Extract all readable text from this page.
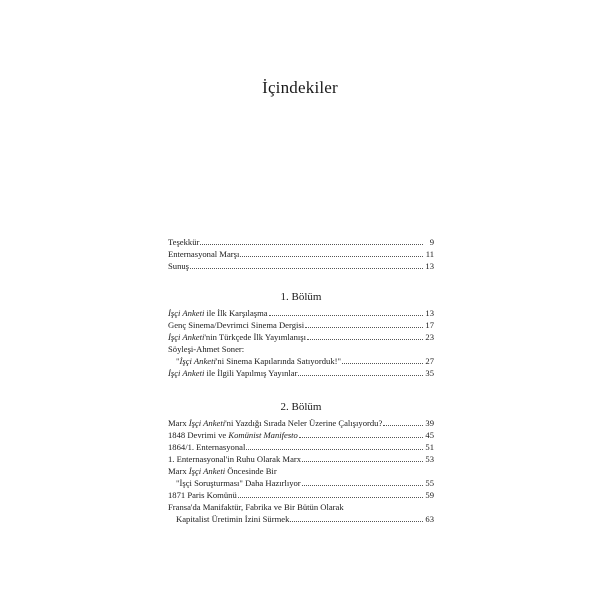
İçindekiler
Teşekkür	9
Enternasyonal Marşı	11
Sunuş	13
1. Bölüm
İşçi Anketi ile İlk Karşılaşma	13
Genç Sinema/Devrimci Sinema Dergisi	17
İşçi Anketi'nin Türkçede İlk Yayımlanışı	23
Söyleşi-Ahmet Soner:
"İşçi Anketi'ni Sinema Kapılarında Satıyorduk!"	27
İşçi Anketi ile İlgili Yapılmış Yayınlar	35
2. Bölüm
Marx İşçi Anketi'ni Yazdığı Sırada Neler Üzerine Çalışıyordu?	39
1848 Devrimi ve Komünist Manifesto	45
1864/1. Enternasyonal	51
1. Enternasyonal'in Ruhu Olarak Marx	53
Marx İşçi Anketi Öncesinde Bir
"İşçi Soruşturması" Daha Hazırlıyor	55
1871 Paris Komünü	59
Fransa'da Manifaktür, Fabrika ve Bir Bütün Olarak
Kapitalist Üretimin İzini Sürmek	63
